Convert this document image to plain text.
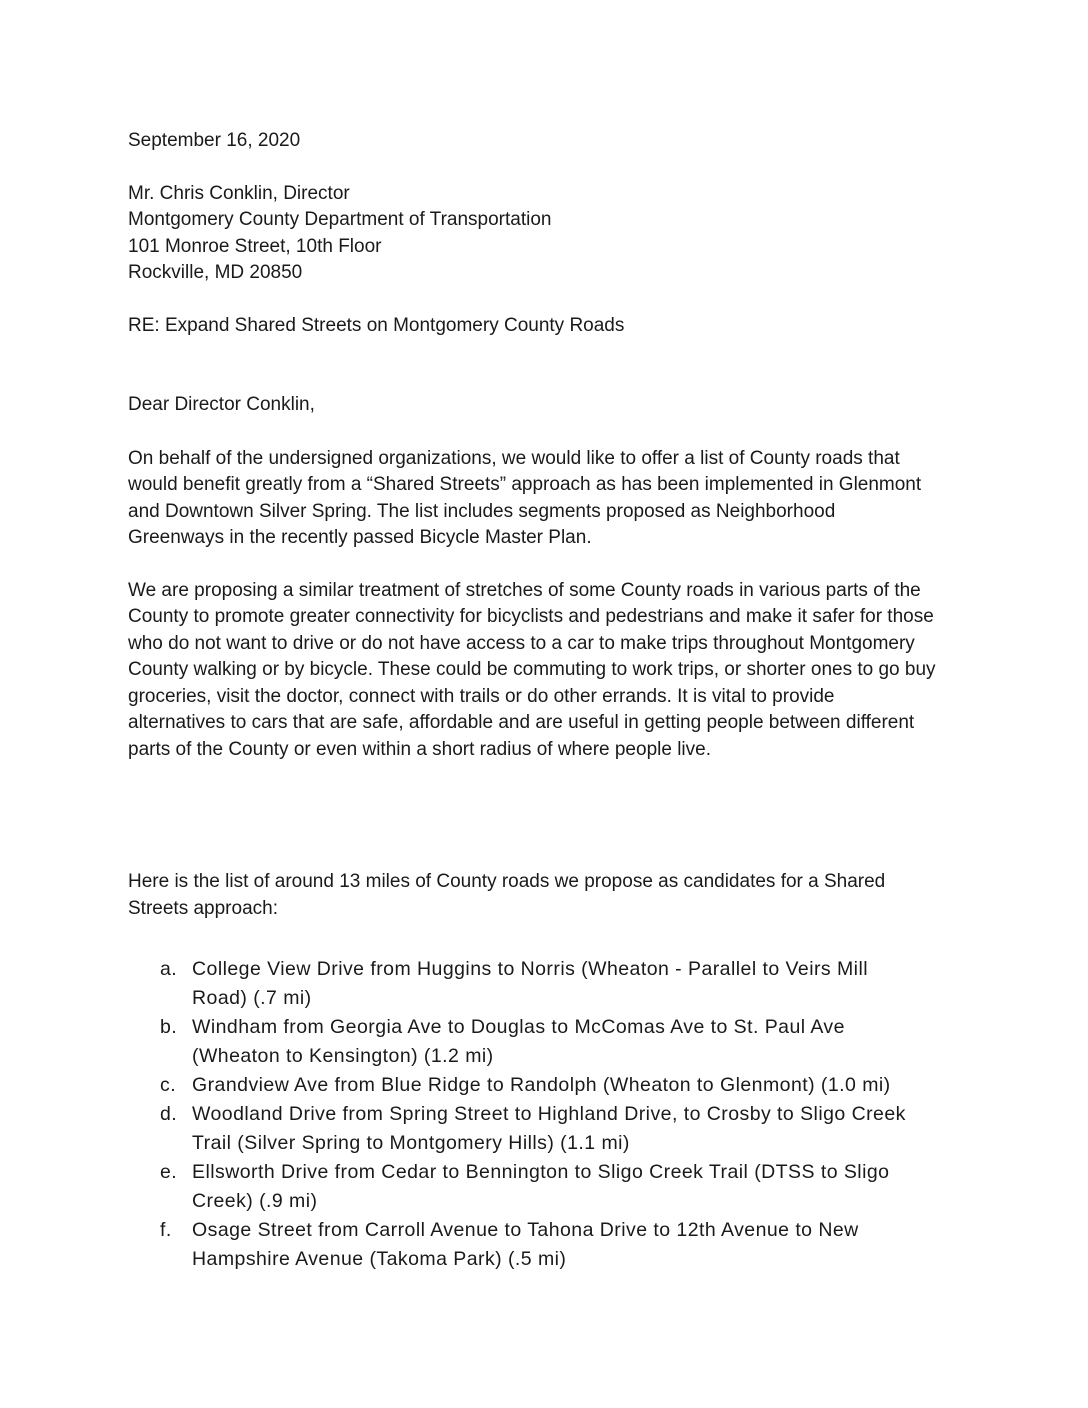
September 16, 2020

Mr. Chris Conklin, Director

Montgomery County Department of Transportation

101 Monroe Street, 10th Floor

Rockville, MD 20850

RE: Expand Shared Streets on Montgomery County Roads

Dear Director Conklin,

On behalf of the undersigned organizations, we would like to offer a list of County roads that

would benefit greatly from a “Shared Streets” approach as has been implemented in Glenmont

and Downtown Silver Spring. The list includes segments proposed as Neighborhood

Greenways in the recently passed Bicycle Master Plan.

We are proposing a similar treatment of stretches of some County roads in various parts of the

County to promote greater connectivity for bicyclists and pedestrians and make it safer for those

who do not want to drive or do not have access to a car to make trips throughout Montgomery

County walking or by bicycle. These could be commuting to work trips, or shorter ones to go buy

groceries, visit the doctor, connect with trails or do other errands. It is vital to provide

alternatives to cars that are safe, affordable and are useful in getting people between different

parts of the County or even within a short radius of where people live.

Here is the list of around 13 miles of County roads we propose as candidates for a Shared

Streets approach:

a. College View Drive from Huggins to Norris (Wheaton - Parallel to Veirs Mill
Road) (.7 mi)
b. Windham from Georgia Ave to Douglas to McComas Ave to St. Paul Ave
(Wheaton to Kensington) (1.2 mi)
c. Grandview Ave from Blue Ridge to Randolph (Wheaton to Glenmont) (1.0 mi)
d. Woodland Drive from Spring Street to Highland Drive, to Crosby to Sligo Creek
Trail (Silver Spring to Montgomery Hills) (1.1 mi)
e. Ellsworth Drive from Cedar to Bennington to Sligo Creek Trail (DTSS to Sligo
Creek) (.9 mi)
f. Osage Street from Carroll Avenue to Tahona Drive to 12th Avenue to New
Hampshire Avenue (Takoma Park) (.5 mi)
